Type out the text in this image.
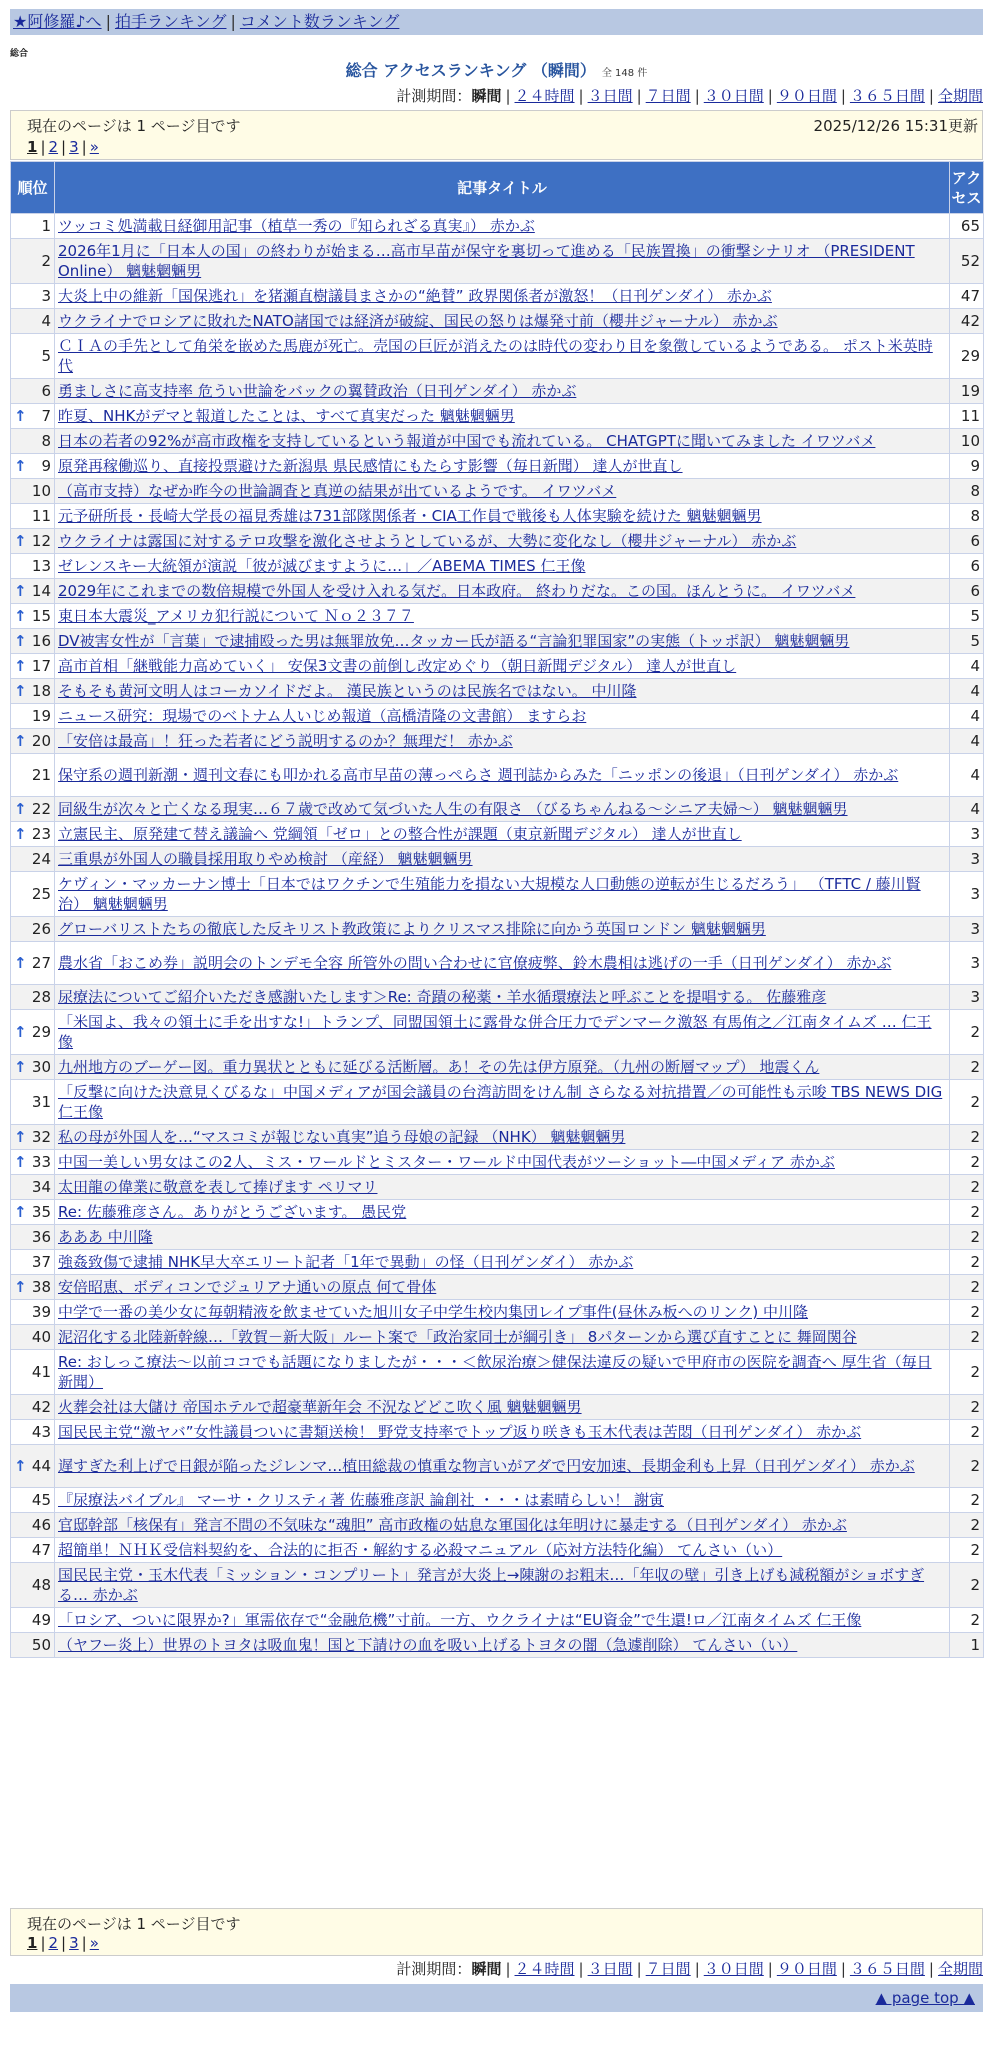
★阿修羅♪へ | 拍手ランキング | コメント数ランキング
総合
総合 アクセスランキング （瞬間） 全 148 件
計測期間：瞬間 | ２４時間 | ３日間 | ７日間 | ３０日間 | ９０日間 | ３６５日間 | 全期間
現在のページは 1 ページ目です	2025/12/26 15:31更新
1 | 2 | 3 | »
順位	記事タイトル	アクセス
1	ツッコミ処満載日経御用記事（植草一秀の『知られざる真実』） 赤かぶ	65
2	2026年1月に「日本人の国」の終わりが始まる…高市早苗が保守を裏切って進める「民族置換」の衝撃シナリオ （PRESIDENT Online） 魑魅魍魎男	52
3	大炎上中の維新「国保逃れ」を猪瀬直樹議員まさかの“絶賛” 政界関係者が激怒！（日刊ゲンダイ） 赤かぶ	47
4	ウクライナでロシアに敗れたNATO諸国では経済が破綻、国民の怒りは爆発寸前（櫻井ジャーナル） 赤かぶ	42
5	ＣＩＡの手先として角栄を嵌めた馬鹿が死亡。売国の巨匠が消えたのは時代の変わり目を象徴しているようである。 ポスト米英時代	29
6	勇ましさに高支持率 危うい世論をバックの翼賛政治（日刊ゲンダイ） 赤かぶ	19

↑ 7	昨夏、NHKがデマと報道したことは、すべて真実だった 魑魅魍魎男	11
8	日本の若者の92%が高市政権を支持しているという報道が中国でも流れている。 CHATGPTに聞いてみました イワツバメ	10

↑ 9	原発再稼働巡り、直接投票避けた新潟県 県民感情にもたらす影響（毎日新聞） 達人が世直し	9
10	（高市支持）なぜか昨今の世論調査と真逆の結果が出ているようです。 イワツバメ	8
11	元予研所長・長崎大学長の福見秀雄は731部隊関係者・CIA工作員で戦後も人体実験を続けた 魑魅魍魎男	8

↑ 12	ウクライナは露国に対するテロ攻撃を激化させようとしているが、大勢に変化なし（櫻井ジャーナル） 赤かぶ	6
13	ゼレンスキー大統領が演説「彼が滅びますように…」／ABEMA TIMES 仁王像	6

↑ 14	2029年にこれまでの数倍規模で外国人を受け入れる気だ。日本政府。 終わりだな。この国。ほんとうに。 イワツバメ	6

↑ 15	東日本大震災_アメリカ犯行説について Ｎｏ２３７７	5

↑ 16	DV被害女性が「言葉」で逮捕殴った男は無罪放免…タッカー氏が語る“言論犯罪国家”の実態（トッポ訳） 魑魅魍魎男	5

↑ 17	高市首相「継戦能力高めていく」 安保3文書の前倒し改定めぐり（朝日新聞デジタル） 達人が世直し	4

↑ 18	そもそも黄河文明人はコーカソイドだよ。 漢民族というのは民族名ではない。 中川隆	4
19	ニュース研究：現場でのベトナム人いじめ報道（高橋清隆の文書館） ますらお	4

↑ 20	「安倍は最高」！狂った若者にどう説明するのか？無理だ！ 赤かぶ	4
21	保守系の週刊新潮・週刊文春にも叩かれる高市早苗の薄っぺらさ 週刊誌からみた「ニッポンの後退」（日刊ゲンダイ） 赤かぶ	4

↑ 22	同級生が次々と亡くなる現実…６７歳で改めて気づいた人生の有限さ （びるちゃんねる～シニア夫婦～） 魑魅魍魎男	4

↑ 23	立憲民主、原発建て替え議論へ 党綱領「ゼロ」との整合性が課題（東京新聞デジタル） 達人が世直し	3
24	三重県が外国人の職員採用取りやめ検討 （産経） 魑魅魍魎男	3
25	ケヴィン・マッカーナン博士「日本ではワクチンで生殖能力を損ない大規模な人口動態の逆転が生じるだろう」 （TFTC / 藤川賢治） 魑魅魍魎男	3
26	グローバリストたちの徹底した反キリスト教政策によりクリスマス排除に向かう英国ロンドン 魑魅魍魎男	3

↑ 27	農水省「おこめ券」説明会のトンデモ全容 所管外の問い合わせに官僚疲弊、鈴木農相は逃げの一手（日刊ゲンダイ） 赤かぶ	3
28	尿療法についてご紹介いただき感謝いたします＞Re: 奇蹟の秘薬・羊水循環療法と呼ぶことを提唱する。 佐藤雅彦	3

↑ 29	「米国よ、我々の領土に手を出すな!」トランプ、同盟国領土に露骨な併合圧力でデンマーク激怒 有馬侑之／江南タイムズ … 仁王像	2

↑ 30	九州地方のブーゲー図。重力異状とともに延びる活断層。あ！その先は伊方原発。（九州の断層マップ） 地震くん	2
31	「反撃に向けた決意見くびるな」中国メディアが国会議員の台湾訪問をけん制 さらなる対抗措置／の可能性も示唆 TBS NEWS DIG 仁王像	2

↑ 32	私の母が外国人を…“マスコミが報じない真実”追う母娘の記録 （NHK） 魑魅魍魎男	2

↑ 33	中国一美しい男女はこの2人、ミス・ワールドとミスター・ワールド中国代表がツーショット―中国メディア 赤かぶ	2
34	太田龍の偉業に敬意を表して捧げます ペリマリ	2

↑ 35	Re: 佐藤雅彦さん。ありがとうございます。 愚民党	2
36	あああ 中川隆	2
37	強姦致傷で逮捕 NHK早大卒エリート記者「1年で異動」の怪（日刊ゲンダイ） 赤かぶ	2

↑ 38	安倍昭恵、ボディコンでジュリアナ通いの原点 何て骨体	2
39	中学で一番の美少女に毎朝精液を飲ませていた旭川女子中学生校内集団レイプ事件(昼休み板へのリンク) 中川隆	2
40	泥沼化する北陸新幹線…「敦賀－新大阪」ルート案で「政治家同士が綱引き」 8パターンから選び直すことに 舞岡関谷	2
41	Re: おしっこ療法～以前ココでも話題になりましたが・・・＜飲尿治療＞健保法違反の疑いで甲府市の医院を調査へ 厚生省（毎日新聞）	2
42	火葬会社は大儲け 帝国ホテルで超豪華新年会 不況などどこ吹く風 魑魅魍魎男	2
43	国民民主党“激ヤバ”女性議員ついに書類送検！ 野党支持率でトップ返り咲きも玉木代表は苦悶（日刊ゲンダイ） 赤かぶ	2

↑ 44	遅すぎた利上げで日銀が陥ったジレンマ…植田総裁の慎重な物言いがアダで円安加速、長期金利も上昇（日刊ゲンダイ） 赤かぶ	2
45	『尿療法バイブル』 マーサ・クリスティ著 佐藤雅彦訳 論創社 ・・・は素晴らしい！ 謝寅	2
46	官邸幹部「核保有」発言不問の不気味な“魂胆” 高市政権の姑息な軍国化は年明けに暴走する（日刊ゲンダイ） 赤かぶ	2
47	超簡単！ＮＨＫ受信料契約を、合法的に拒否・解約する必殺マニュアル（応対方法特化編） てんさい（い）	2
48	国民民主党・玉木代表「ミッション・コンプリート」発言が大炎上→陳謝のお粗末…「年収の壁」引き上げも減税額がショボすぎる… 赤かぶ	2
49	「ロシア、ついに限界か?」軍需依存で“金融危機”寸前。一方、ウクライナは“EU資金”で生還!ロ／江南タイムズ 仁王像	2
50	（ヤフー炎上）世界のトヨタは吸血鬼！国と下請けの血を吸い上げるトヨタの闇（急遽削除） てんさい（い）	1
現在のページは 1 ページ目です
1 | 2 | 3 | »
計測期間：瞬間 | ２４時間 | ３日間 | ７日間 | ３０日間 | ９０日間 | ３６５日間 | 全期間
▲ page top ▲
